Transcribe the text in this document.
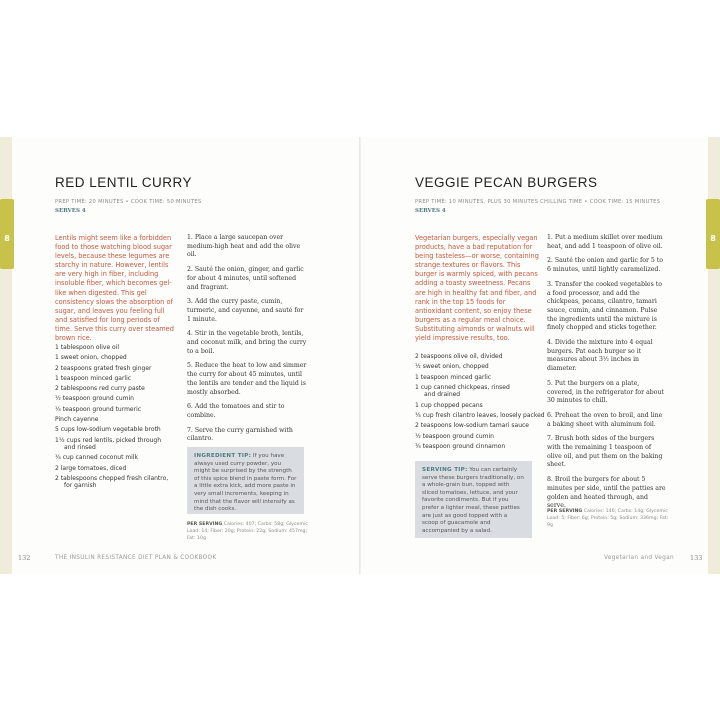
8	8
RED LENTIL CURRY
PREP TIME: 20 MINUTES • COOK TIME: 50 MINUTES
SERVES 4
Lentils might seem like a forbidden food to those watching blood sugar levels, because these legumes are starchy in nature. However, lentils are very high in fiber, including insoluble fiber, which becomes gel-like when digested. This gel consistency slows the absorption of sugar, and leaves you feeling full and satisfied for long periods of time. Serve this curry over steamed brown rice.
1 tablespoon olive oil
1 sweet onion, chopped
2 teaspoons grated fresh ginger
1 teaspoon minced garlic
2 tablespoons red curry paste
½ teaspoon ground cumin
¼ teaspoon ground turmeric
Pinch cayenne
5 cups low-sodium vegetable broth
1½ cups red lentils, picked through
and rinsed
¼ cup canned coconut milk
2 large tomatoes, diced
2 tablespoons chopped fresh cilantro,
for garnish

1. Place a large saucepan over medium-high heat and add the olive oil.

2. Sauté the onion, ginger, and garlic for about 4 minutes, until softened and fragrant.

3. Add the curry paste, cumin, turmeric, and cayenne, and sauté for 1 minute.

4. Stir in the vegetable broth, lentils, and coconut milk, and bring the curry to a boil.

5. Reduce the heat to low and simmer the curry for about 45 minutes, until the lentils are tender and the liquid is mostly absorbed.

6. Add the tomatoes and stir to combine.

7. Serve the curry garnished with cilantro.

INGREDIENT TIP: If you have always used curry powder, you might be surprised by the strength of this spice blend in paste form. For a little extra kick, add more paste in very small increments, keeping in mind that the flavor will intensify as the dish cooks.
PER SERVING Calories: 407; Carbs: 58g; Glycemic Load: 14; Fiber: 20g; Protein: 22g; Sodium: 457mg; Fat: 10g
132	THE INSULIN RESISTANCE DIET PLAN & COOKBOOK
VEGGIE PECAN BURGERS
PREP TIME: 10 MINUTES, PLUS 30 MINUTES CHILLING TIME • COOK TIME: 15 MINUTES
SERVES 4
Vegetarian burgers, especially vegan products, have a bad reputation for being tasteless—or worse, containing strange textures or flavors. This burger is warmly spiced, with pecans adding a toasty sweetness. Pecans are high in healthy fat and fiber, and rank in the top 15 foods for antioxidant content, so enjoy these burgers as a regular meal choice. Substituting almonds or walnuts will yield impressive results, too.
2 teaspoons olive oil, divided
½ sweet onion, chopped
1 teaspoon minced garlic
1 cup canned chickpeas, rinsed
and drained
1 cup chopped pecans
¼ cup fresh cilantro leaves, loosely packed
2 teaspoons low-sodium tamari sauce
½ teaspoon ground cumin
¼ teaspoon ground cinnamon

1. Put a medium skillet over medium heat, and add 1 teaspoon of olive oil.

2. Sauté the onion and garlic for 5 to 6 minutes, until lightly caramelized.

3. Transfer the cooked vegetables to a food processor, and add the chickpeas, pecans, cilantro, tamari sauce, cumin, and cinnamon. Pulse the ingredients until the mixture is finely chopped and sticks together.

4. Divide the mixture into 4 equal burgers. Pat each burger so it measures about 3½ inches in diameter.

5. Put the burgers on a plate, covered, in the refrigerator for about 30 minutes to chill.

6. Preheat the oven to broil, and line a baking sheet with aluminum foil.

7. Brush both sides of the burgers with the remaining 1 teaspoon of olive oil, and put them on the baking sheet.

8. Broil the burgers for about 5 minutes per side, until the patties are golden and heated through, and serve.

SERVING TIP: You can certainly serve these burgers traditionally, on a whole-grain bun, topped with sliced tomatoes, lettuce, and your favorite condiments. But if you prefer a lighter meal, these patties are just as good topped with a scoop of guacamole and accompanied by a salad.
PER SERVING Calories: 146; Carbs: 14g; Glycemic Load: 5; Fiber: 6g; Protein: 5g; Sodium: 336mg; Fat: 9g
Vegetarian and Vegan 133
